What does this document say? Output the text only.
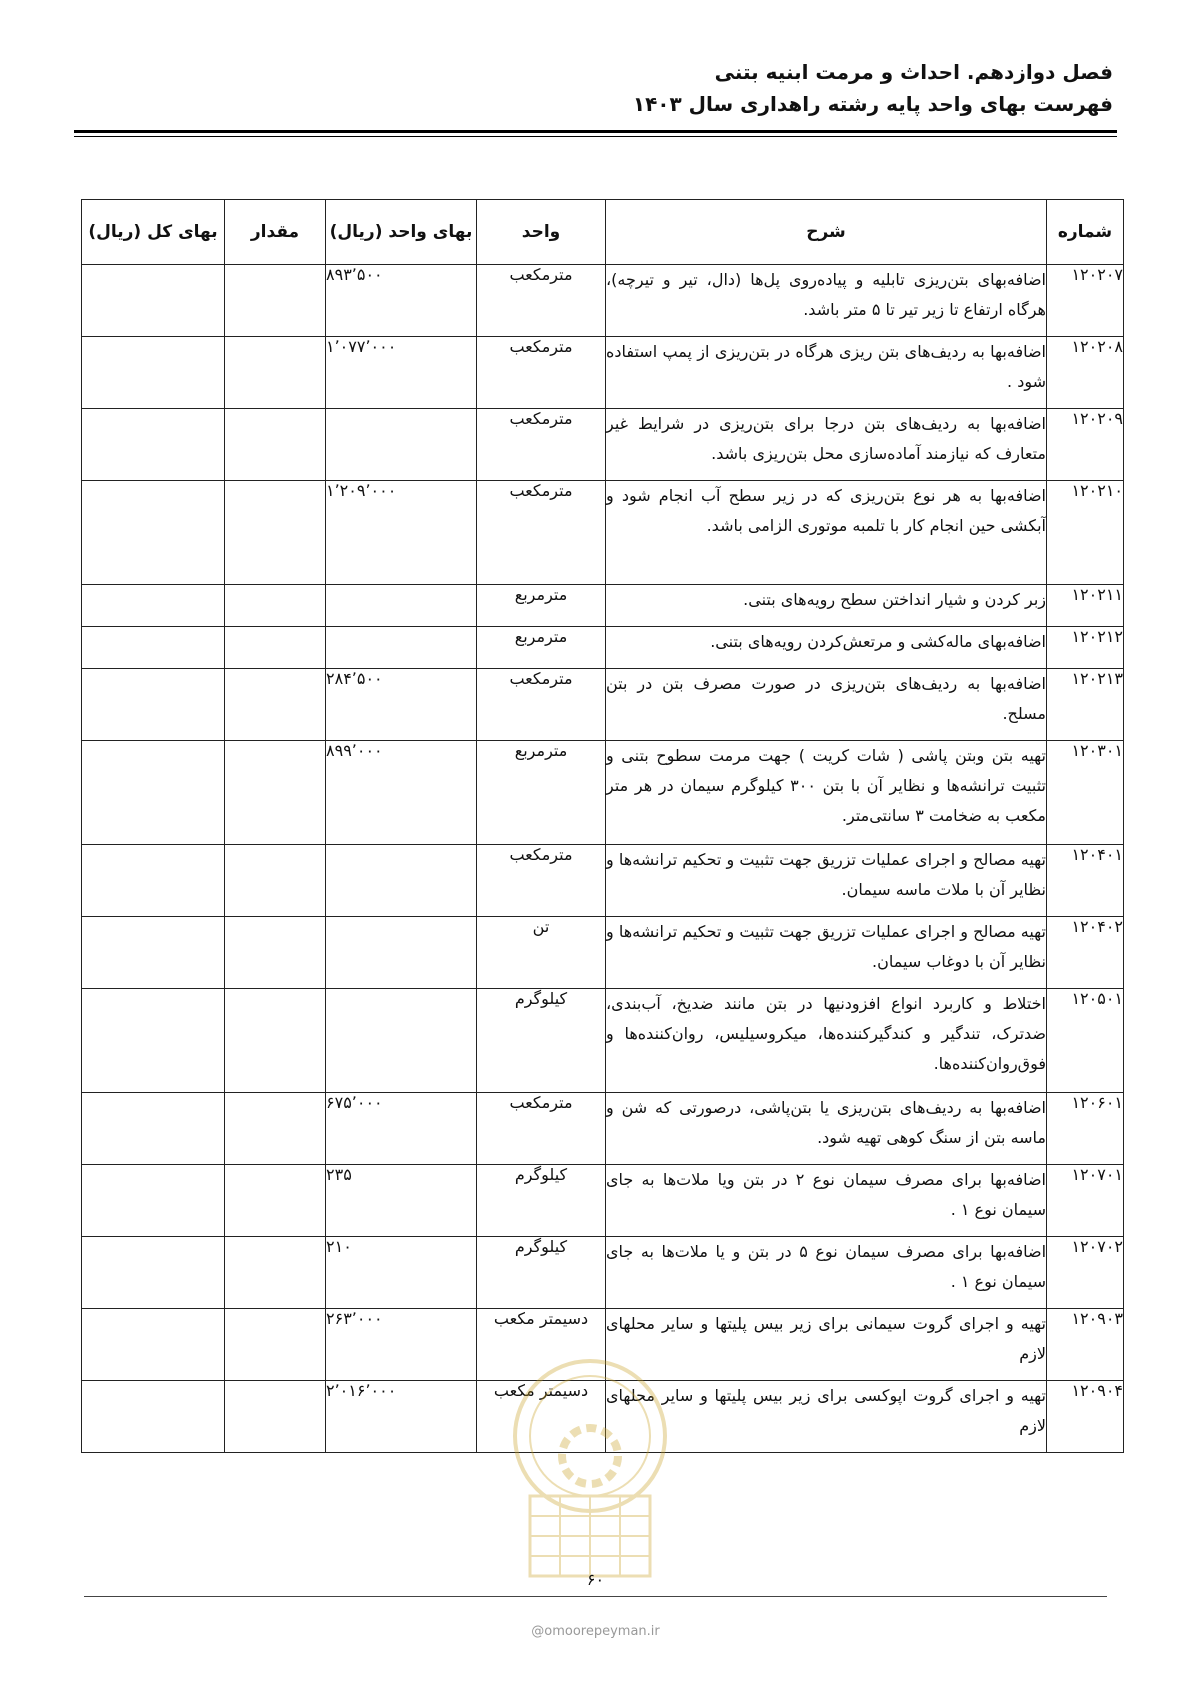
فصل دوازدهم. احداث و مرمت ابنیه بتنی
فهرست بهای واحد پایه رشته راهداری سال ۱۴۰۳
شماره	شرح	واحد	بهای واحد (ریال)	مقدار	بهای کل (ریال)
۱۲۰۲۰۷	اضافه‌بهای بتن‌ریزی تابلیه و پیاده‌روی پل‌ها (دال، تیر و تیرچه)، هرگاه ارتفاع تا زیر تیر تا ۵ متر باشد.	مترمکعب	۸۹۳٬۵۰۰		
۱۲۰۲۰۸	اضافه‌بها به ردیف‌های بتن ریزی هرگاه در بتن‌ریزی از پمپ استفاده شود .	مترمکعب	۱٬۰۷۷٬۰۰۰		
۱۲۰۲۰۹	اضافه‌بها به ردیف‌های بتن درجا برای بتن‌ریزی در شرایط غیر متعارف که نیازمند آماده‌سازی محل بتن‌ریزی باشد.	مترمکعب			
۱۲۰۲۱۰	اضافه‌بها به هر نوع بتن‌ریزی که در زیر سطح آب انجام شود و آبکشی حین انجام کار با تلمبه موتوری الزامی باشد.	مترمکعب	۱٬۲۰۹٬۰۰۰		
۱۲۰۲۱۱	زبر کردن و شیار انداختن سطح رویه‌های بتنی.	مترمربع			
۱۲۰۲۱۲	اضافه‌بهای ماله‌کشی و مرتعش‌کردن رویه‌های بتنی.	مترمربع			
۱۲۰۲۱۳	اضافه‌بها به ردیف‌های بتن‌ریزی در صورت مصرف بتن در بتن مسلح.	مترمکعب	۲۸۴٬۵۰۰		
۱۲۰۳۰۱	تهیه بتن وبتن پاشی ( شات کریت ) جهت مرمت سطوح بتنی و تثبیت ترانشه‌ها و نظایر آن با بتن ۳۰۰ کیلوگرم سیمان در هر متر مکعب به ضخامت ۳ سانتی‌متر.	مترمربع	۸۹۹٬۰۰۰		
۱۲۰۴۰۱	تهیه مصالح و اجرای عملیات تزریق جهت تثبیت و تحکیم ترانشه‌ها و نظایر آن با ملات ماسه سیمان.	مترمکعب			
۱۲۰۴۰۲	تهیه مصالح و اجرای عملیات تزریق جهت تثبیت و تحکیم ترانشه‌ها و نظایر آن با دوغاب سیمان.	تن			
۱۲۰۵۰۱	اختلاط و کاربرد انواع افزودنیها در بتن مانند ضدیخ، آب‌بندی، ضدترک، تندگیر و کندگیرکننده‌ها، میکروسیلیس، روان‌کننده‌ها و فوق‌روان‌کننده‌ها.	کیلوگرم			
۱۲۰۶۰۱	اضافه‌بها به ردیف‌های بتن‌ریزی یا بتن‌پاشی، درصورتی که شن و ماسه بتن از سنگ کوهی تهیه شود.	مترمکعب	۶۷۵٬۰۰۰		
۱۲۰۷۰۱	اضافه‌بها برای مصرف سیمان نوع ۲ در بتن ویا ملات‌ها به جای سیمان نوع ۱ .	کیلوگرم	۲۳۵		
۱۲۰۷۰۲	اضافه‌بها برای مصرف سیمان نوع ۵ در بتن و یا ملات‌ها به جای سیمان نوع ۱ .	کیلوگرم	۲۱۰		
۱۲۰۹۰۳	تهیه و اجرای گروت سیمانی برای زیر بیس پلیتها و سایر محلهای لازم	دسیمتر مکعب	۲۶۳٬۰۰۰		
۱۲۰۹۰۴	تهیه و اجرای گروت اپوکسی برای زیر بیس پلیتها و سایر محلهای لازم	دسیمتر مکعب	۲٬۰۱۶٬۰۰۰		
۶۰
@omoorepeyman.ir
